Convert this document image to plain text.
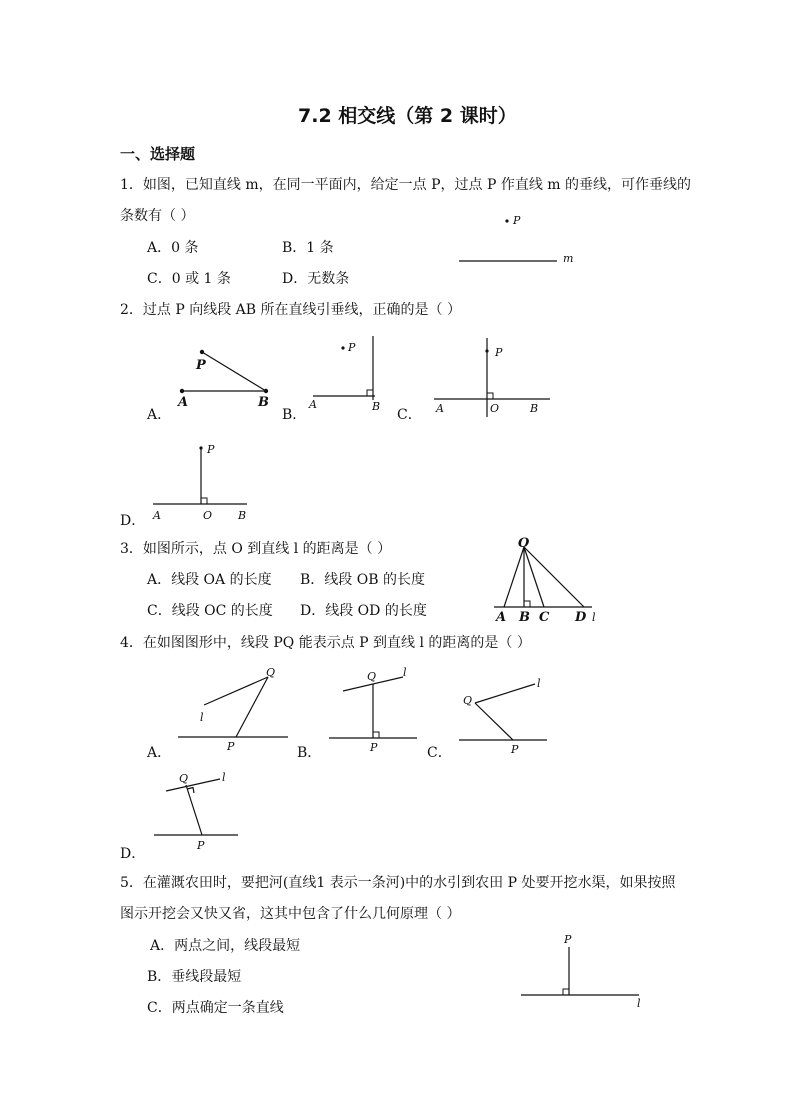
7.2 相交线（第 2 课时）
一、选择题
1．如图，已知直线 m，在同一平面内，给定一点 P，过点 P 作直线 m 的垂线，可作垂线的
条数有（ ）
A．0 条	B．1 条
C．0 或 1 条	D．无数条
P
m
2．过点 P 向线段 AB 所在直线引垂线，正确的是（ ）
A．
P
A	B
B．
P
A	B
C．
P
A	O	B
D．
P
A	O B
3．如图所示，点 O 到直线 l 的距离是（ ）
A．线段 OA 的长度 B．线段 OB 的长度
C．线段 OC 的长度 D．线段 OD 的长度
O
A B C D l
4．在如图图形中，线段 PQ 能表示点 P 到直线 l 的距离的是（ ）
A．
Q
l
P	B．
Q l
P	C．
Q
l
P
D．
Q	l
P
5．在灌溉农田时，要把河(直线1 表示一条河)中的水引到农田 P 处要开挖水渠，如果按照
图示开挖会又快又省，这其中包含了什么几何原理（ ）
A．两点之间，线段最短
B．垂线段最短
C．两点确定一条直线
P
l
